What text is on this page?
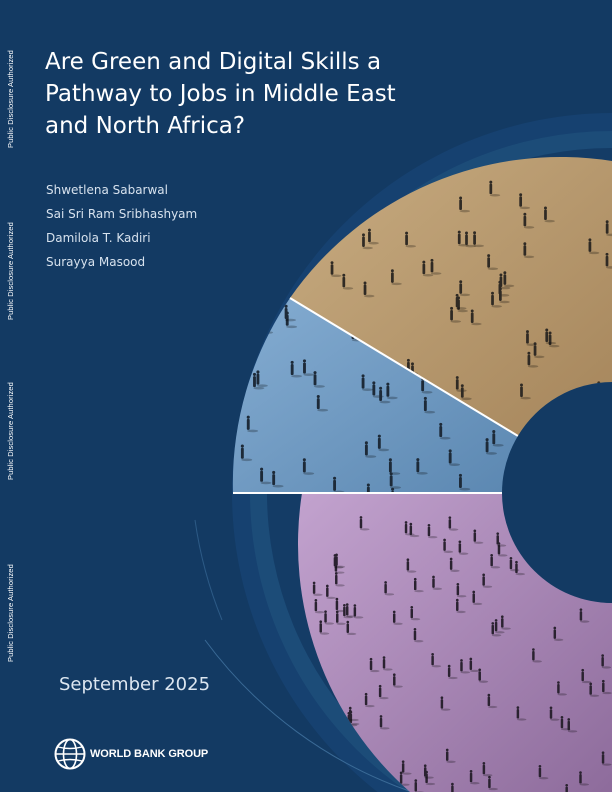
Public Disclosure Authorized
Public Disclosure Authorized
Public Disclosure Authorized
Public Disclosure Authorized
Are Green and Digital Skills a Pathway to Jobs in Middle East and North Africa?
Shwetlena Sabarwal
Sai Sri Ram Sribhashyam
Damilola T. Kadiri
Surayya Masood
September 2025
WORLD BANK GROUP
